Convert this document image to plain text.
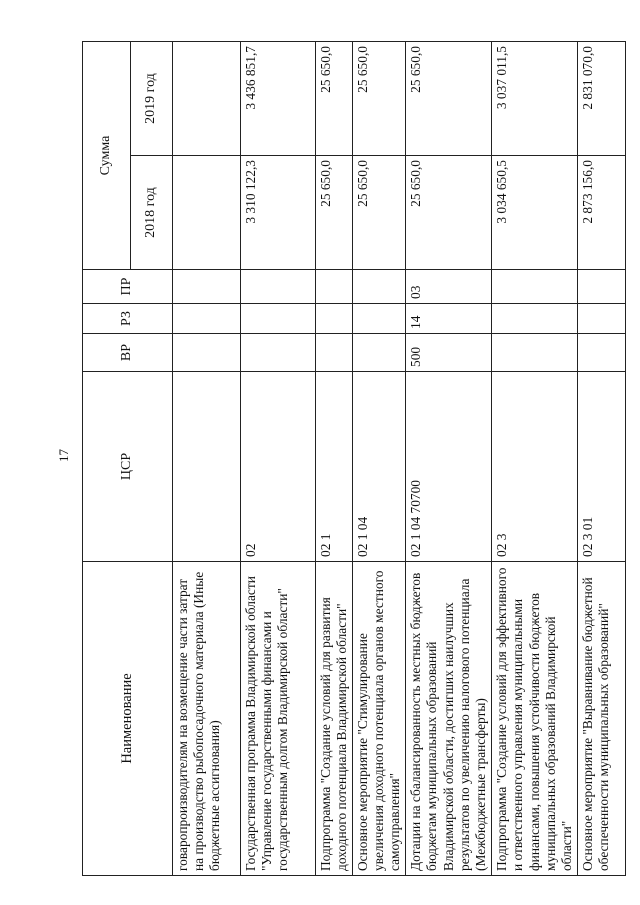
17
Наименование	ЦСР	ВР	РЗ	ПР	Сумма	
					2018 год	2019 год
говаропроизводителям на возмещение части затрат на производство рыбопосадочного материала (Иные бюджетные ассигнования)						
Государственная программа Владимирской области "Управление государственными финансами и государственным долгом Владимирской области"	02				3 310 122,3	3 436 851,7
Подпрограмма "Создание условий для развития доходного потенциала Владимирской области"	02 1				25 650,0	25 650,0
Основное мероприятие "Стимулирование увеличения доходного потенциала органов местного самоуправления"	02 1 04				25 650,0	25 650,0
Дотации на сбалансированность местных бюджетов бюджетам муниципальных образований Владимирской области, достигших наилучших результатов по увеличению налогового потенциала (Межбюджетные трансферты)	02 1 04 70700	500	14	03	25 650,0	25 650,0
Подпрограмма "Создание условий для эффективного и ответственного управления муниципальными финансами, повышения устойчивости бюджетов муниципальных образований Владимирской области"	02 3				3 034 650,5	3 037 011,5
Основное мероприятие "Выравнивание бюджетной обеспеченности муниципальных образований"	02 3 01				2 873 156,0	2 831 070,0
